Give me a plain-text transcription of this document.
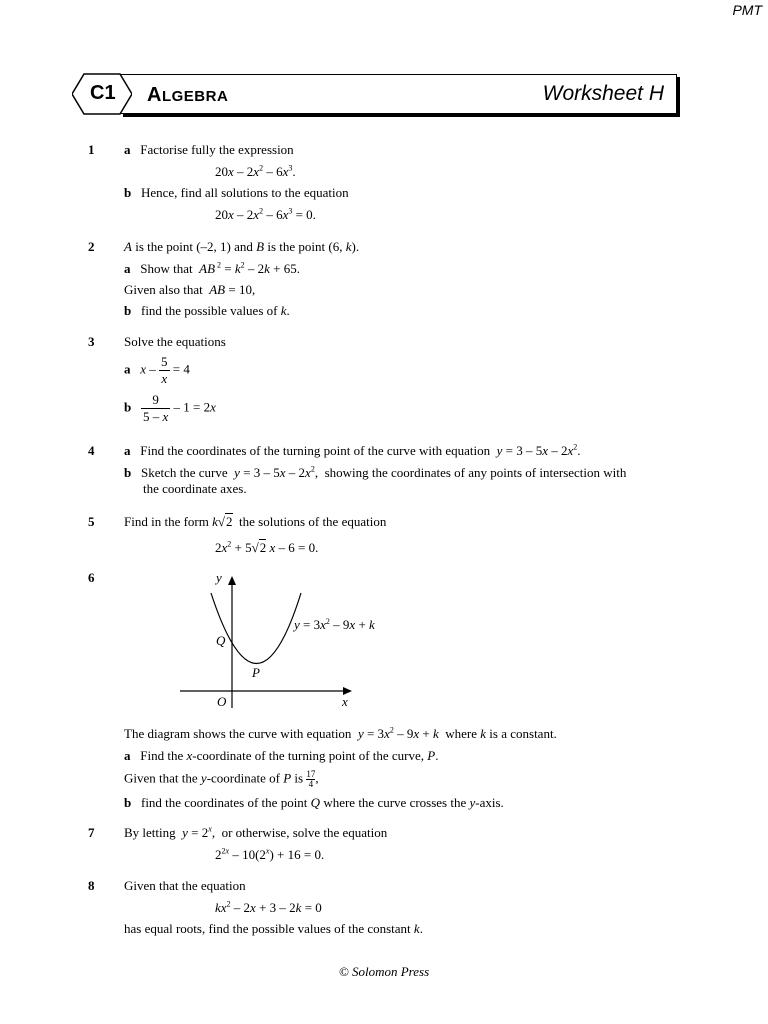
PMT
C1 ALGEBRA	Worksheet H
1 a Factorise fully the expression
$20x - 2x^2 - 6x^3$.
b Hence, find all solutions to the equation
$20x - 2x^2 - 6x^3 = 0$.
2 A is the point (–2, 1) and B is the point (6, k).
a   Show that  AB $^2 = k^2 - 2k + 65$.
Given also that AB = 10,
b find the possible values of k.
3 Solve the equations
a $x - \frac{5}{x} = 4$
b $\frac{9}{5 - x} - 1 = 2x$
4 a Find the coordinates of the turning point of the curve with equation $y = 3 - 5x - 2x^2$.
b Sketch the curve $y = 3 - 5x - 2x^2$,  showing the coordinates of any points of intersection with
the coordinate axes.
5 Find in the form k√2 the solutions of the equation
$2x^2 + 5√2$ x – 6 = 0.
6	y
x
O
Q
P
$y = 3x^2 - 9x + k$
The diagram shows the curve with equation  $y = 3x^2 - 9x + k$  where k is a constant.
a   Find the x-coordinate of the turning point of the curve, P.
Given that the y-coordinate of P is $\frac{17}{4}$,
b find the coordinates of the point Q where the curve crosses the y-axis.
7 By letting $y = 2^x$,  or otherwise, solve the equation
$2^{2x} - 10(2^x) + 16 = 0$.
8 Given that the equation
$kx^2 - 2x + 3 - 2k = 0$
has equal roots, find the possible values of the constant k.
© Solomon Press
